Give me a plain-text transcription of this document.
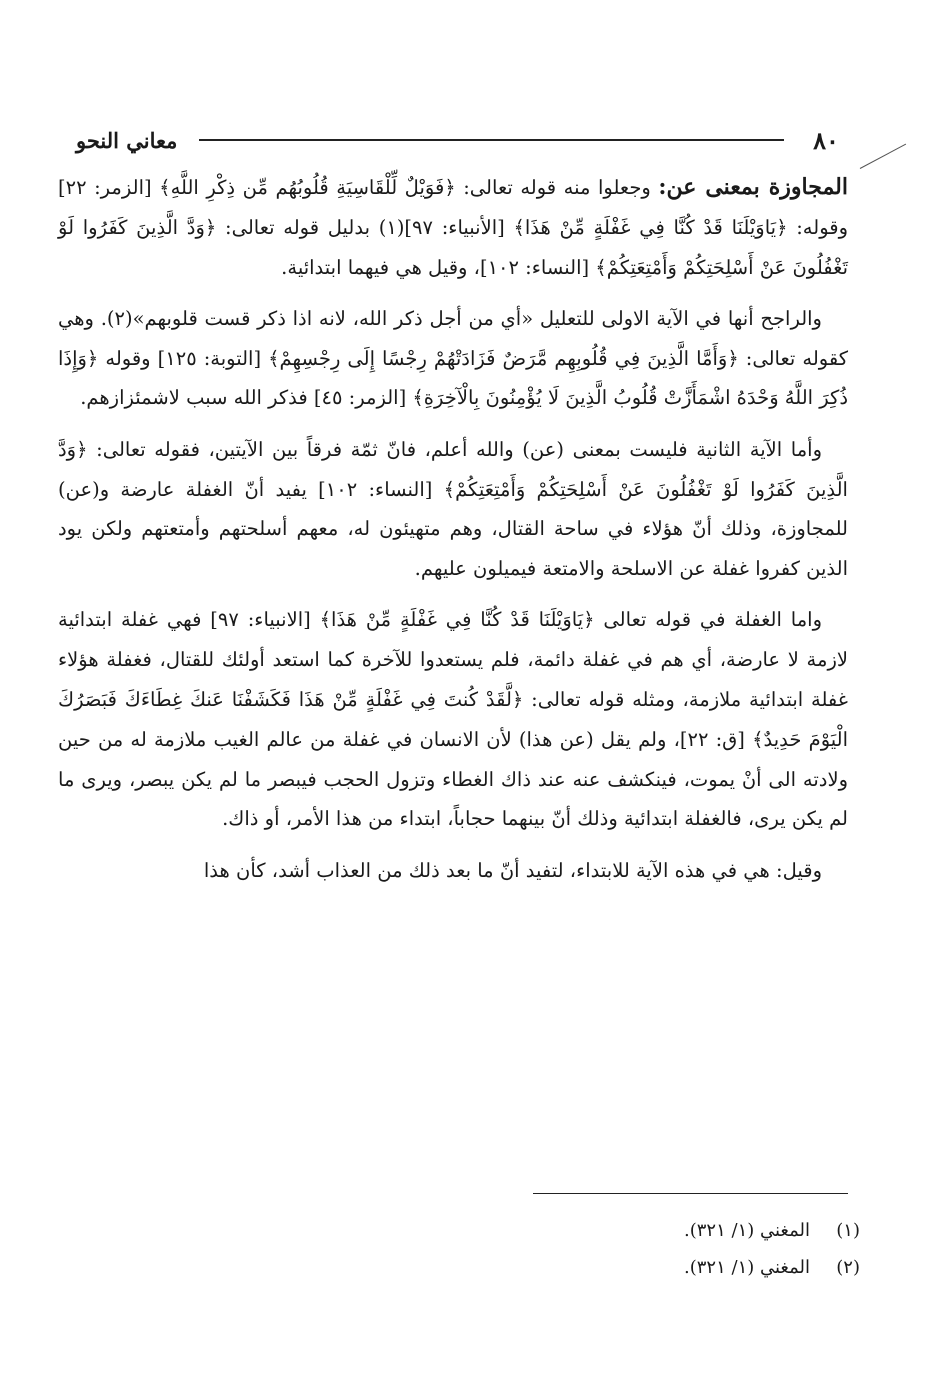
٨٠
معاني النحو

المجاوزة بمعنى عن: وجعلوا منه قوله تعالى: ﴿فَوَيْلٌ لِّلْقَاسِيَةِ قُلُوبُهُم مِّن ذِكْرِ اللَّهِ﴾ [الزمر: ٢٢] وقوله: ﴿يَاوَيْلَنَا قَدْ كُنَّا فِي غَفْلَةٍ مِّنْ هَذَا﴾ [الأنبياء: ٩٧](١) بدليل قوله تعالى: ﴿وَدَّ الَّذِينَ كَفَرُوا لَوْ تَغْفُلُونَ عَنْ أَسْلِحَتِكُمْ وَأَمْتِعَتِكُمْ﴾ [النساء: ١٠٢]، وقيل هي فيهما ابتدائية.

والراجح أنها في الآية الاولى للتعليل «أي من أجل ذكر الله، لانه اذا ذكر قست قلوبهم»(٢). وهي كقوله تعالى: ﴿وَأَمَّا الَّذِينَ فِي قُلُوبِهِم مَّرَضٌ فَزَادَتْهُمْ رِجْسًا إِلَى رِجْسِهِمْ﴾ [التوبة: ١٢٥] وقوله ﴿وَإِذَا ذُكِرَ اللَّهُ وَحْدَهُ اشْمَأَزَّتْ قُلُوبُ الَّذِينَ لَا يُؤْمِنُونَ بِالْآخِرَةِ﴾ [الزمر: ٤٥] فذكر الله سبب لاشمئزازهم.

وأما الآية الثانية فليست بمعنى (عن) والله أعلم، فانّ ثمّة فرقاً بين الآيتين، فقوله تعالى: ﴿وَدَّ الَّذِينَ كَفَرُوا لَوْ تَغْفُلُونَ عَنْ أَسْلِحَتِكُمْ وَأَمْتِعَتِكُمْ﴾ [النساء: ١٠٢] يفيد أنّ الغفلة عارضة و(عن) للمجاوزة، وذلك أنّ هؤلاء في ساحة القتال، وهم متهيئون له، معهم أسلحتهم وأمتعتهم ولكن يود الذين كفروا غفلة عن الاسلحة والامتعة فيميلون عليهم.

واما الغفلة في قوله تعالى ﴿يَاوَيْلَنَا قَدْ كُنَّا فِي غَفْلَةٍ مِّنْ هَذَا﴾ [الانبياء: ٩٧] فهي غفلة ابتدائية لازمة لا عارضة، أي هم في غفلة دائمة، فلم يستعدوا للآخرة كما استعد أولئك للقتال، فغفلة هؤلاء غفلة ابتدائية ملازمة، ومثله قوله تعالى: ﴿لَّقَدْ كُنتَ فِي غَفْلَةٍ مِّنْ هَذَا فَكَشَفْنَا عَنكَ غِطَاءَكَ فَبَصَرُكَ الْيَوْمَ حَدِيدٌ﴾ [ق: ٢٢]، ولم يقل (عن هذا) لأن الانسان في غفلة من عالم الغيب ملازمة له من حين ولادته الى أنْ يموت، فينكشف عنه عند ذاك الغطاء وتزول الحجب فيبصر ما لم يكن يبصر، ويرى ما لم يكن يرى، فالغفلة ابتدائية وذلك أنّ بينهما حجاباً، ابتداء من هذا الأمر، أو ذاك.

وقيل: هي في هذه الآية للابتداء، لتفيد أنّ ما بعد ذلك من العذاب أشد، كأن هذا

(١)
المغني (١/ ٣٢١).
(٢)
المغني (١/ ٣٢١).
